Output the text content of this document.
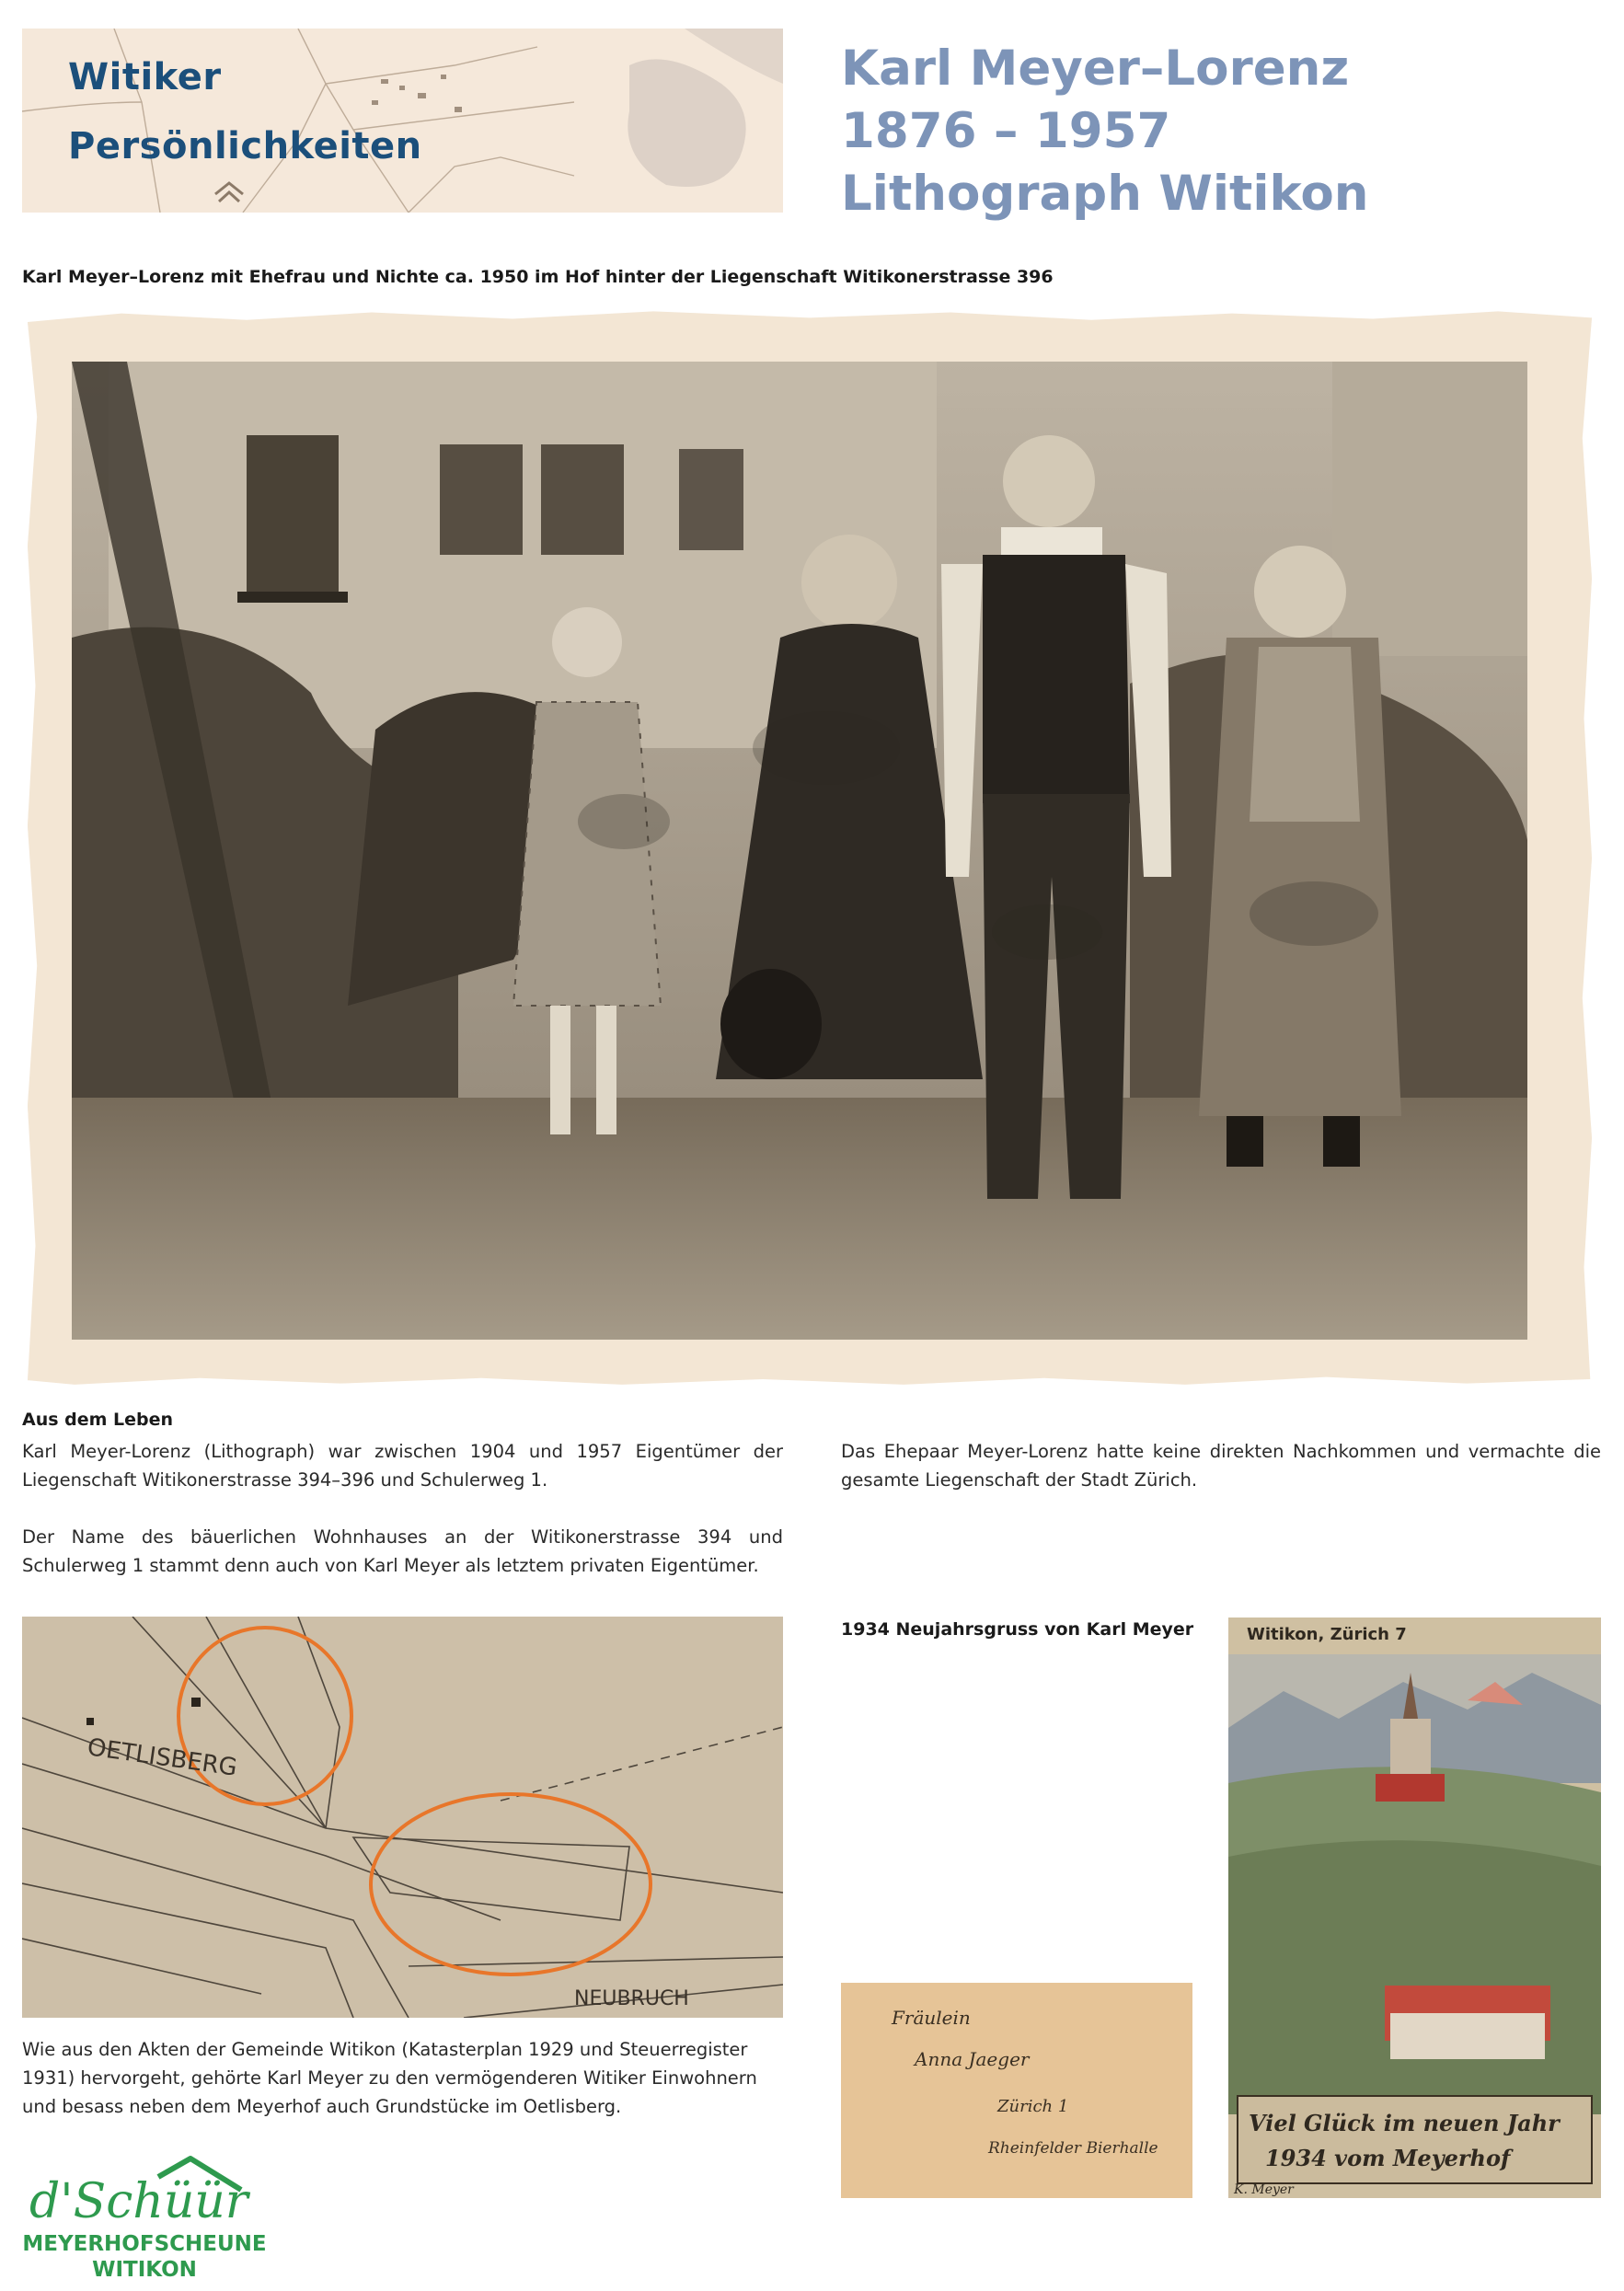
Witiker
Persönlichkeiten
Karl Meyer–Lorenz
1876 – 1957
Lithograph Witikon
Karl Meyer–Lorenz mit Ehefrau und Nichte ca. 1950 im Hof hinter der Liegenschaft Witikonerstrasse 396
Aus dem Leben

Karl Meyer-Lorenz (Lithograph) war zwischen 1904 und 1957 Eigentümer der Liegenschaft Witikonerstrasse 394–396 und Schulerweg 1.

Der Name des bäuerlichen Wohnhauses an der Witikonerstrasse 394 und Schulerweg 1 stammt denn auch von Karl Meyer als letztem privaten Eigentümer.

Das Ehepaar Meyer-Lorenz hatte keine direkten Nachkommen und vermachte die gesamte Liegenschaft der Stadt Zürich.

OETLISBERG
NEUBRUCH

Wie aus den Akten der Gemeinde Witikon (Katasterplan 1929 und Steuerregister 1931) hervorgeht, gehörte Karl Meyer zu den vermögenderen Witiker Einwohnern und besass neben dem Meyerhof auch Grundstücke im Oetlisberg.

1934 Neujahrsgruss von Karl Meyer
Fräulein
Anna Jaeger
Zürich 1
Rheinfelder Bierhalle
Witikon, Zürich 7
Viel Glück im neuen Jahr
1934 vom Meyerhof
K. Meyer
d'Schüür
MEYERHOFSCHEUNE
WITIKON
